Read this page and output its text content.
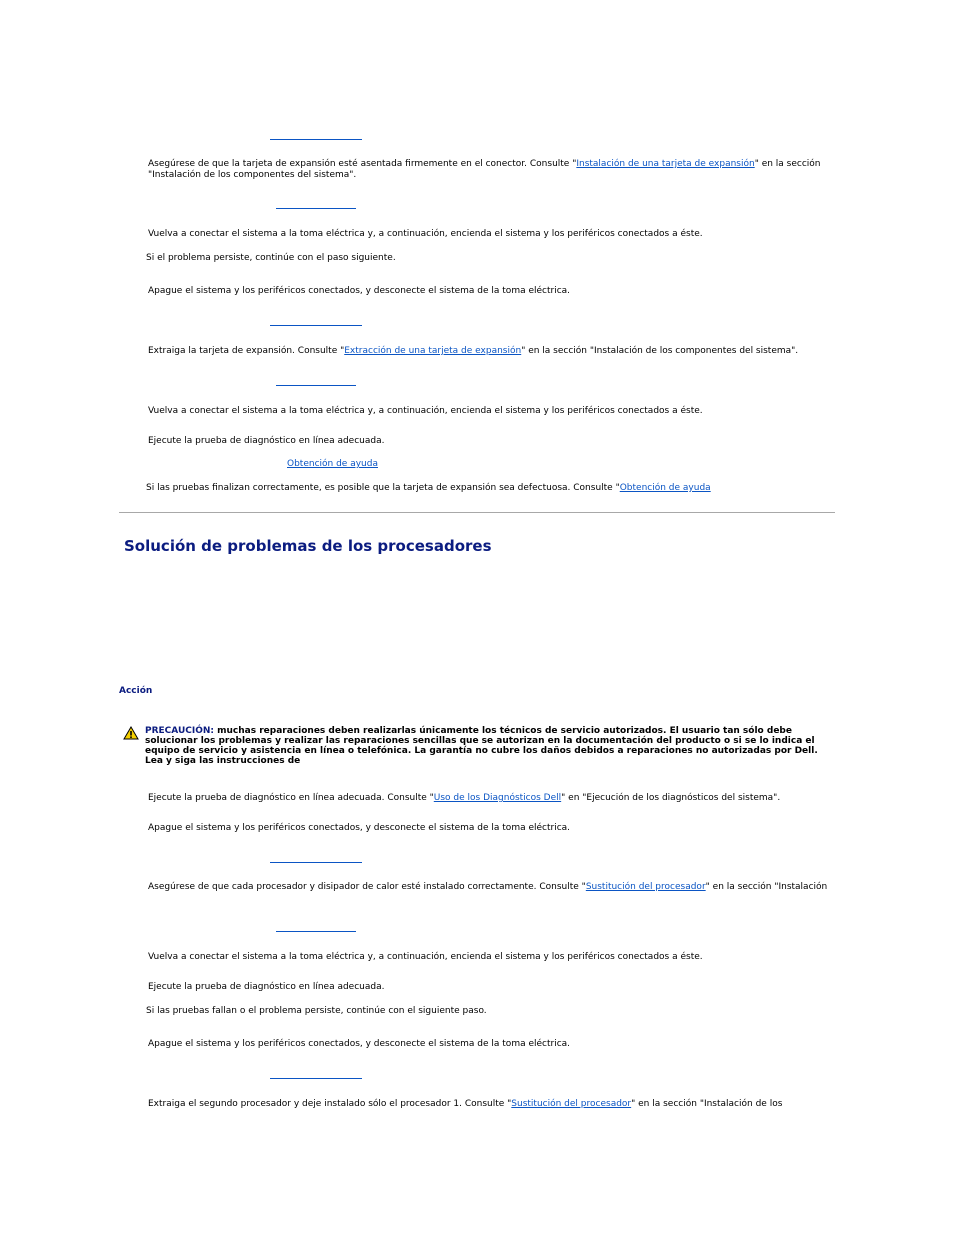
Asegúrese de que la tarjeta de expansión esté asentada firmemente en el conector. Consulte "Instalación de una tarjeta de expansión" en la sección
"Instalación de los componentes del sistema".
Vuelva a conectar el sistema a la toma eléctrica y, a continuación, encienda el sistema y los periféricos conectados a éste.
Si el problema persiste, continúe con el paso siguiente.
Apague el sistema y los periféricos conectados, y desconecte el sistema de la toma eléctrica.
Extraiga la tarjeta de expansión. Consulte "Extracción de una tarjeta de expansión" en la sección "Instalación de los componentes del sistema".
Vuelva a conectar el sistema a la toma eléctrica y, a continuación, encienda el sistema y los periféricos conectados a éste.
Ejecute la prueba de diagnóstico en línea adecuada.
Obtención de ayuda
Si las pruebas finalizan correctamente, es posible que la tarjeta de expansión sea defectuosa. Consulte "Obtención de ayuda
Solución de problemas de los procesadores
Acción
PRECAUCIÓN: muchas reparaciones deben realizarlas únicamente los técnicos de servicio autorizados. El usuario tan sólo debe solucionar los problemas y realizar las reparaciones sencillas que se autorizan en la documentación del producto o si se lo indica el equipo de servicio y asistencia en línea o telefónica. La garantía no cubre los daños debidos a reparaciones no autorizadas por Dell. Lea y siga las instrucciones de
Ejecute la prueba de diagnóstico en línea adecuada. Consulte "Uso de los Diagnósticos Dell" en "Ejecución de los diagnósticos del sistema".
Apague el sistema y los periféricos conectados, y desconecte el sistema de la toma eléctrica.
Asegúrese de que cada procesador y disipador de calor esté instalado correctamente. Consulte "Sustitución del procesador" en la sección "Instalación
Vuelva a conectar el sistema a la toma eléctrica y, a continuación, encienda el sistema y los periféricos conectados a éste.
Ejecute la prueba de diagnóstico en línea adecuada.
Si las pruebas fallan o el problema persiste, continúe con el siguiente paso.
Apague el sistema y los periféricos conectados, y desconecte el sistema de la toma eléctrica.
Extraiga el segundo procesador y deje instalado sólo el procesador 1. Consulte "Sustitución del procesador" en la sección "Instalación de los
